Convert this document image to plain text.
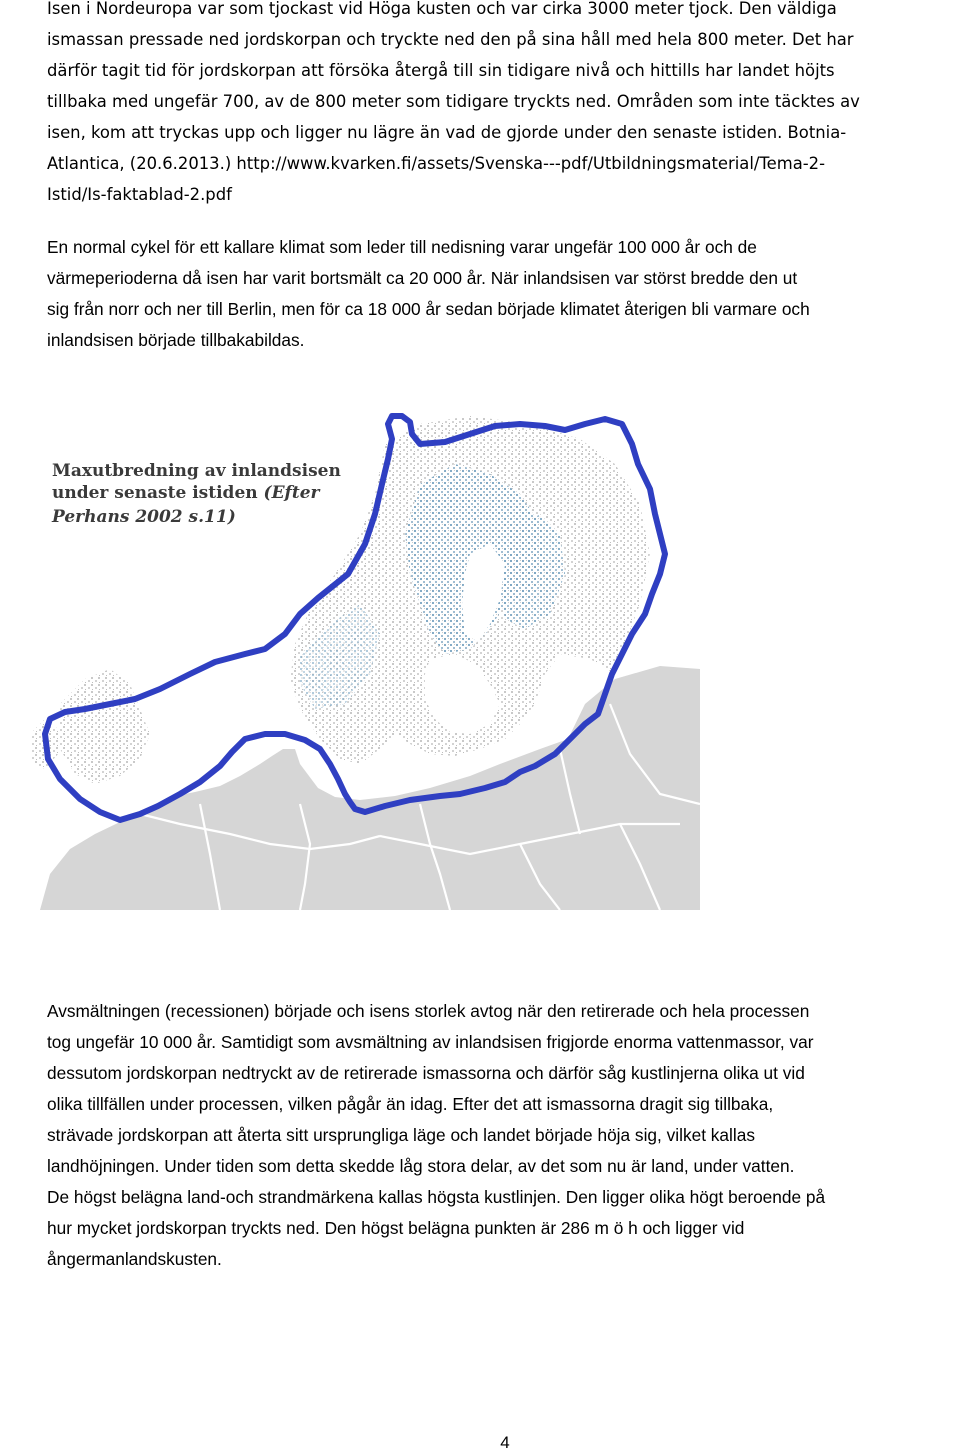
Isen i Nordeuropa var som tjockast vid Höga kusten och var cirka 3000 meter tjock. Den väldiga
ismassan pressade ned jordskorpan och tryckte ned den på sina håll med hela 800 meter. Det har
därför tagit tid för jordskorpan att försöka återgå till sin tidigare nivå och hittills har landet höjts
tillbaka med ungefär 700, av de 800 meter som tidigare tryckts ned. Områden som inte täcktes av
isen, kom att tryckas upp och ligger nu lägre än vad de gjorde under den senaste istiden. Botnia-
Atlantica, (20.6.2013.) http://www.kvarken.fi/assets/Svenska---pdf/Utbildningsmaterial/Tema-2-
Istid/Is-faktablad-2.pdf

En normal cykel för ett kallare klimat som leder till nedisning varar ungefär 100 000 år och de
värmeperioderna då isen har varit bortsmält ca 20 000 år. När inlandsisen var störst bredde den ut
sig från norr och ner till Berlin, men för ca 18 000 år sedan började klimatet återigen bli varmare och
inlandsisen började tillbakabildas.

Maxutbredning av inlandsisen
under senaste istiden (Efter
Perhans 2002 s.11)

Avsmältningen (recessionen) började och isens storlek avtog när den retirerade och hela processen
tog ungefär 10 000 år. Samtidigt som avsmältning av inlandsisen frigjorde enorma vattenmassor, var
dessutom jordskorpan nedtryckt av de retirerade ismassorna och därför såg kustlinjerna olika ut vid
olika tillfällen under processen, vilken pågår än idag. Efter det att ismassorna dragit sig tillbaka,
strävade jordskorpan att återta sitt ursprungliga läge och landet började höja sig, vilket kallas
landhöjningen. Under tiden som detta skedde låg stora delar, av det som nu är land, under vatten.
De högst belägna land-och strandmärkena kallas högsta kustlinjen. Den ligger olika högt beroende på
hur mycket jordskorpan tryckts ned. Den högst belägna punkten är 286 m ö h och ligger vid
ångermanlandskusten.

4
